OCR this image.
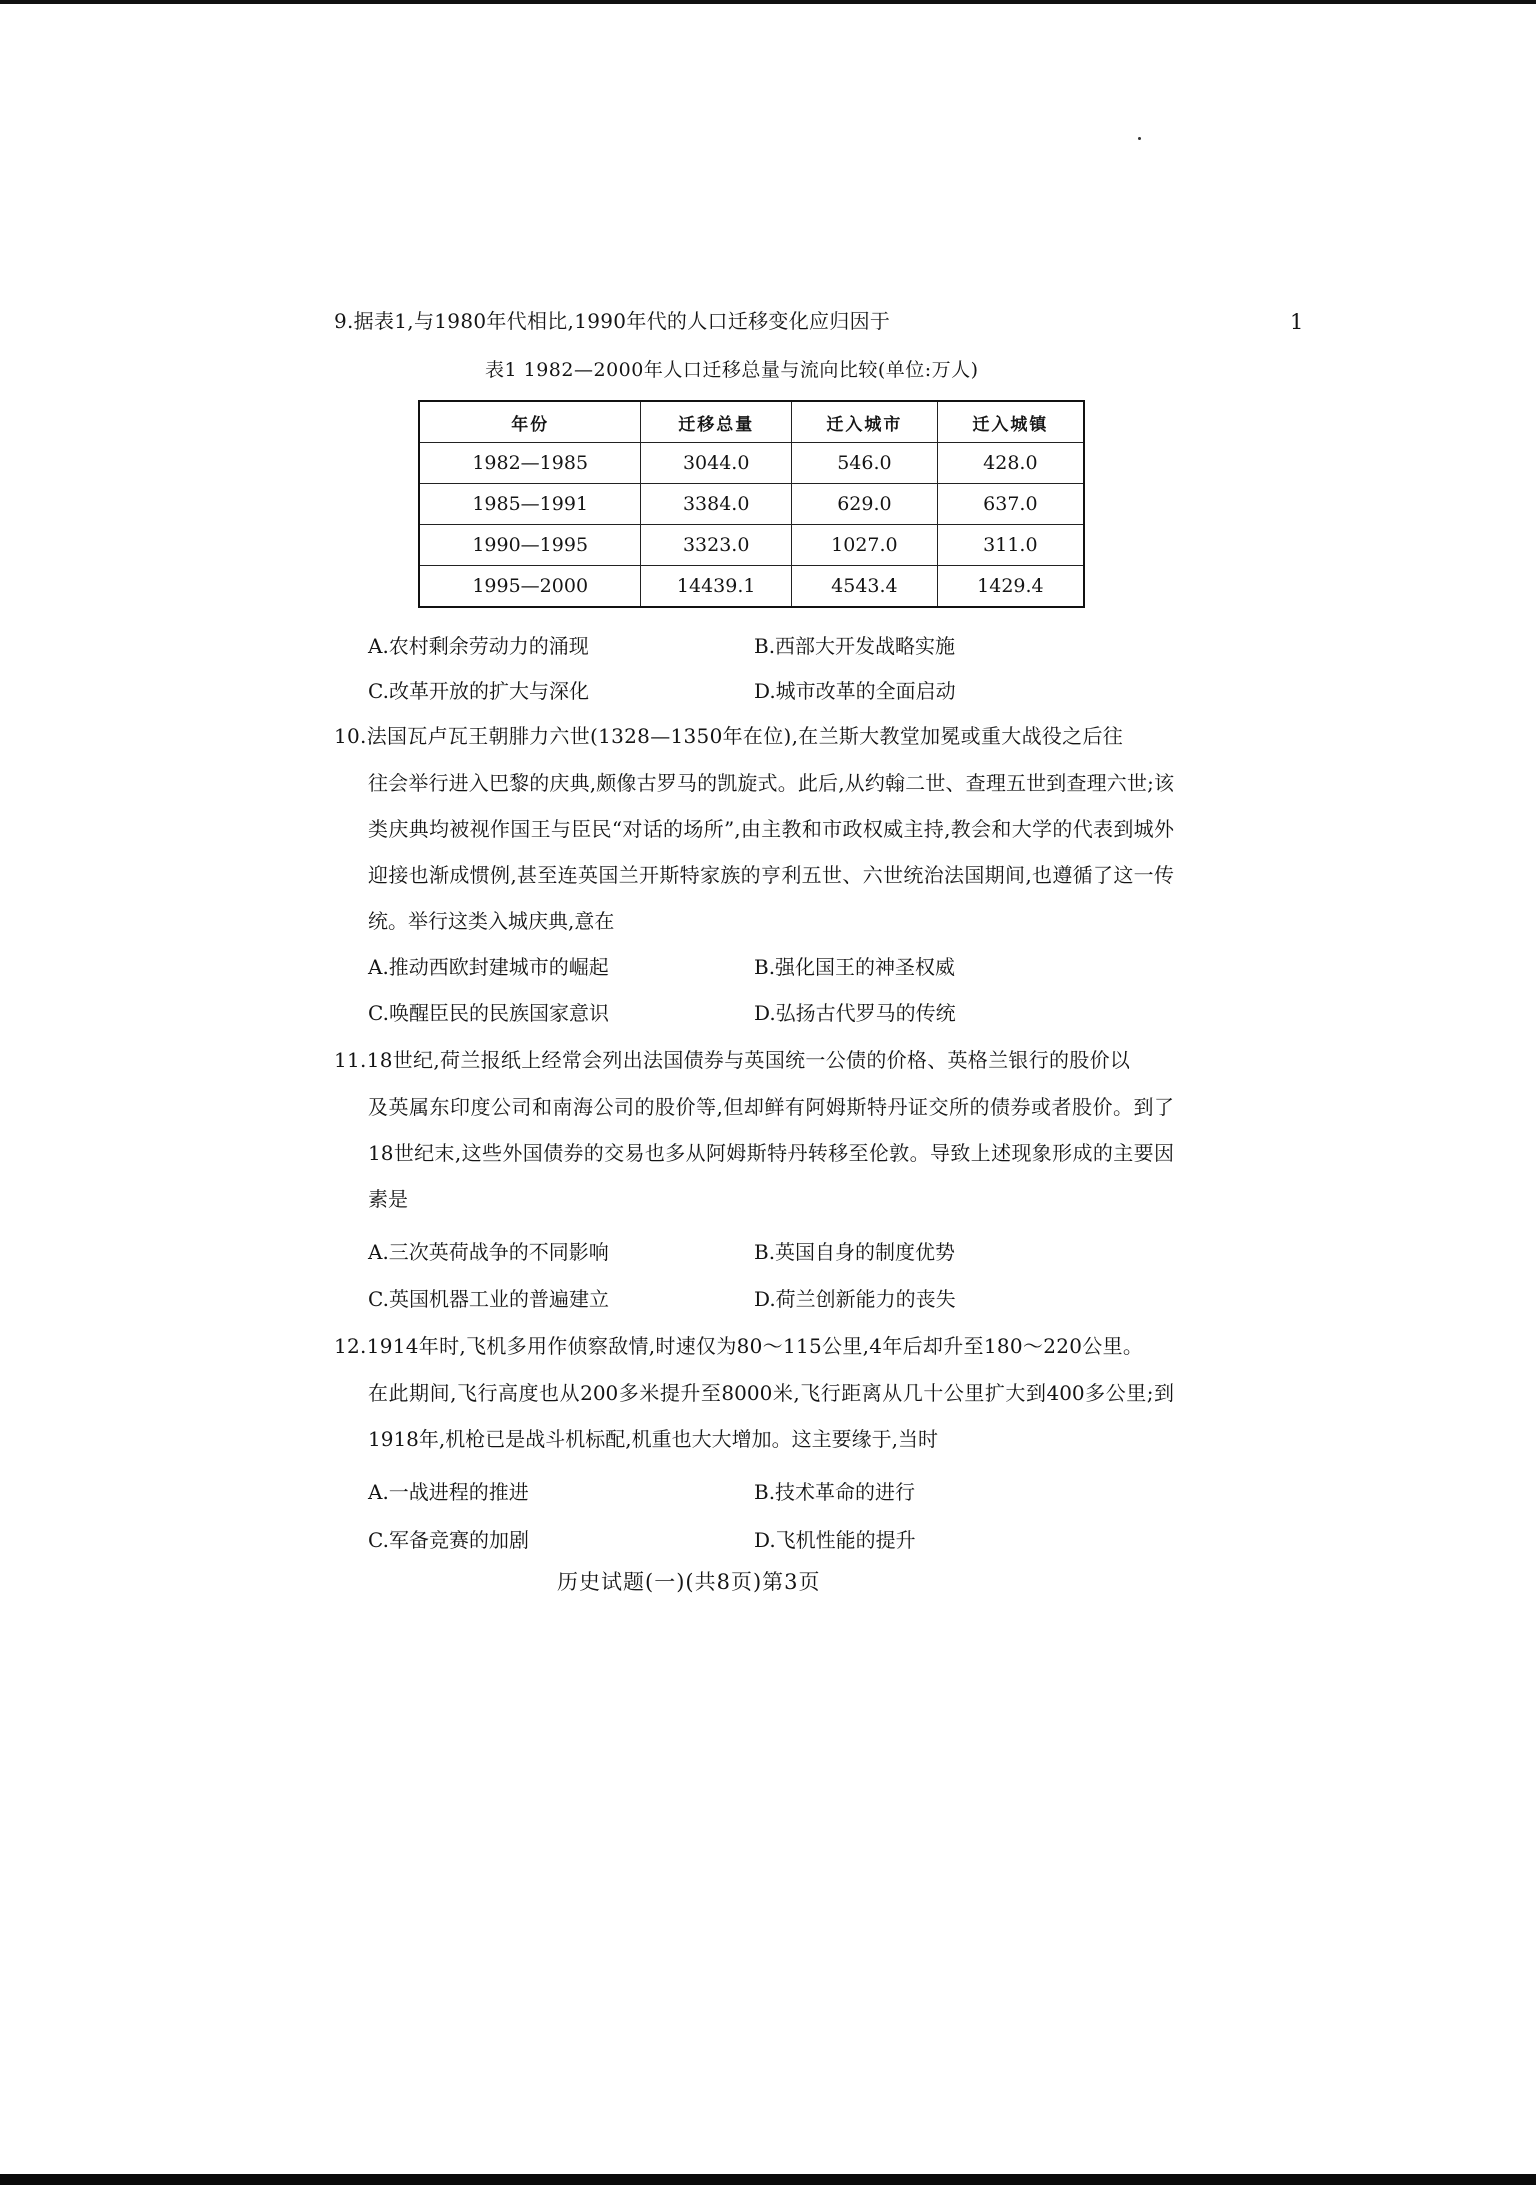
1
9.据表1,与1980年代相比,1990年代的人口迁移变化应归因于
表1 1982—2000年人口迁移总量与流向比较(单位:万人)
年份	迁移总量	迁入城市	迁入城镇
1982—1985	3044.0	546.0	428.0
1985—1991	3384.0	629.0	637.0
1990—1995	3323.0	1027.0	311.0
1995—2000	14439.1	4543.4	1429.4
A.农村剩余劳动力的涌现	B.西部大开发战略实施
C.改革开放的扩大与深化	D.城市改革的全面启动
10.法国瓦卢瓦王朝腓力六世(1328—1350年在位),在兰斯大教堂加冕或重大战役之后往
往会举行进入巴黎的庆典,颇像古罗马的凯旋式。此后,从约翰二世、查理五世到查理六世;该类庆典均被视作国王与臣民“对话的场所”,由主教和市政权威主持,教会和大学的代表到城外迎接也渐成惯例,甚至连英国兰开斯特家族的亨利五世、六世统治法国期间,也遵循了这一传统。举行这类入城庆典,意在
A.推动西欧封建城市的崛起	B.强化国王的神圣权威
C.唤醒臣民的民族国家意识	D.弘扬古代罗马的传统
11.18世纪,荷兰报纸上经常会列出法国债券与英国统一公债的价格、英格兰银行的股价以
及英属东印度公司和南海公司的股价等,但却鲜有阿姆斯特丹证交所的债券或者股价。到了18世纪末,这些外国债券的交易也多从阿姆斯特丹转移至伦敦。导致上述现象形成的主要因素是
A.三次英荷战争的不同影响	B.英国自身的制度优势
C.英国机器工业的普遍建立	D.荷兰创新能力的丧失
12.1914年时,飞机多用作侦察敌情,时速仅为80～115公里,4年后却升至180～220公里。
在此期间,飞行高度也从200多米提升至8000米,飞行距离从几十公里扩大到400多公里;到1918年,机枪已是战斗机标配,机重也大大增加。这主要缘于,当时
A.一战进程的推进	B.技术革命的进行
C.军备竞赛的加剧	D.飞机性能的提升
历史试题(一)(共8页)第3页
